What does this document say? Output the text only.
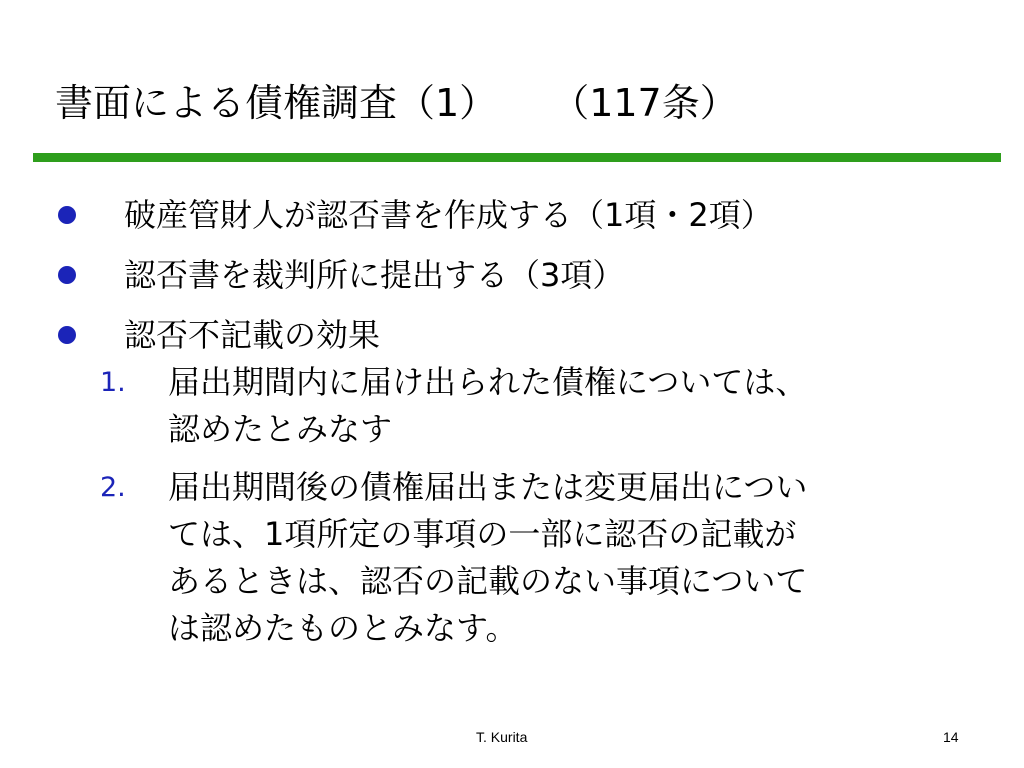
書面による債権調査（1） （117条）
破産管財人が認否書を作成する（1項・2項）
認否書を裁判所に提出する（3項）
認否不記載の効果
1. 届出期間内に届け出られた債権については、
認めたとみなす
2. 届出期間後の債権届出または変更届出につい
ては、1項所定の事項の一部に認否の記載が
あるときは、認否の記載のない事項について
は認めたものとみなす。
T. Kurita	14
